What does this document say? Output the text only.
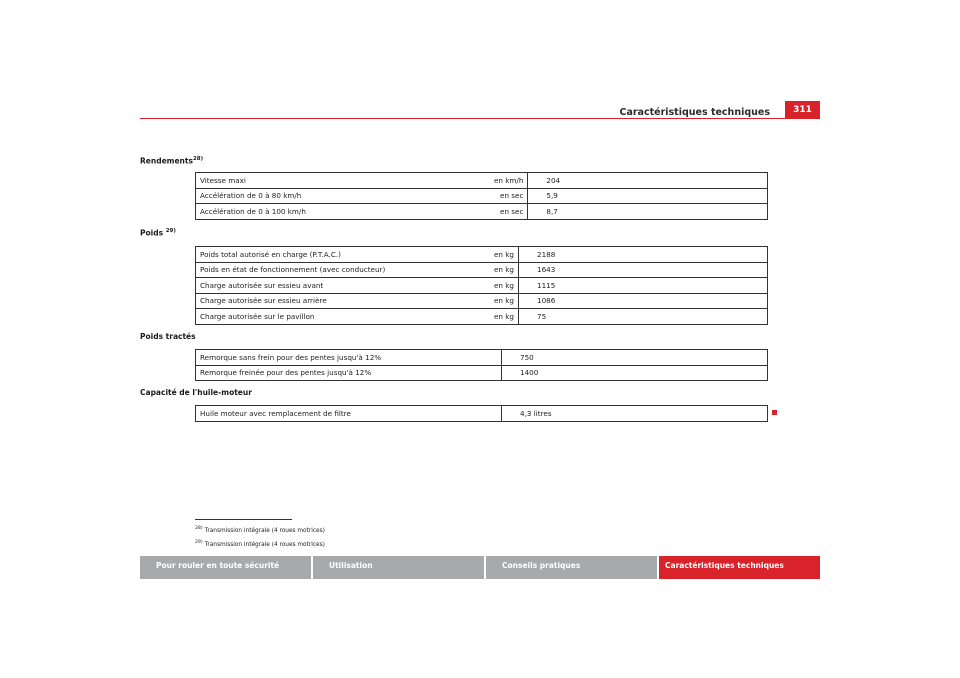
Caractéristiques techniques	311
Rendements$^{28)}$
Vitesse maxi	en km/h	204
Accélération de 0 à 80 km/h	en sec	5,9
Accélération de 0 à 100 km/h	en sec	8,7
Poids $^{29)}$
Poids total autorisé en charge (P.T.A.C.)	en kg	2188
Poids en état de fonctionnement (avec conducteur)	en kg	1643
Charge autorisée sur essieu avant	en kg	1115
Charge autorisée sur essieu arrière	en kg	1086
Charge autorisée sur le pavillon	en kg	75
Poids tractés
Remorque sans frein pour des pentes jusqu'à 12%	750
Remorque freinée pour des pentes jusqu'à 12%	1400
Capacité de l'huile-moteur
Huile moteur avec remplacement de filtre	4,3 litres
$^{28)}$ Transmission intégrale (4 roues motrices)
$^{29)}$ Transmission intégrale (4 roues motrices)
Pour rouler en toute sécurité	Utilisation	Conseils pratiques	Caractéristiques techniques
